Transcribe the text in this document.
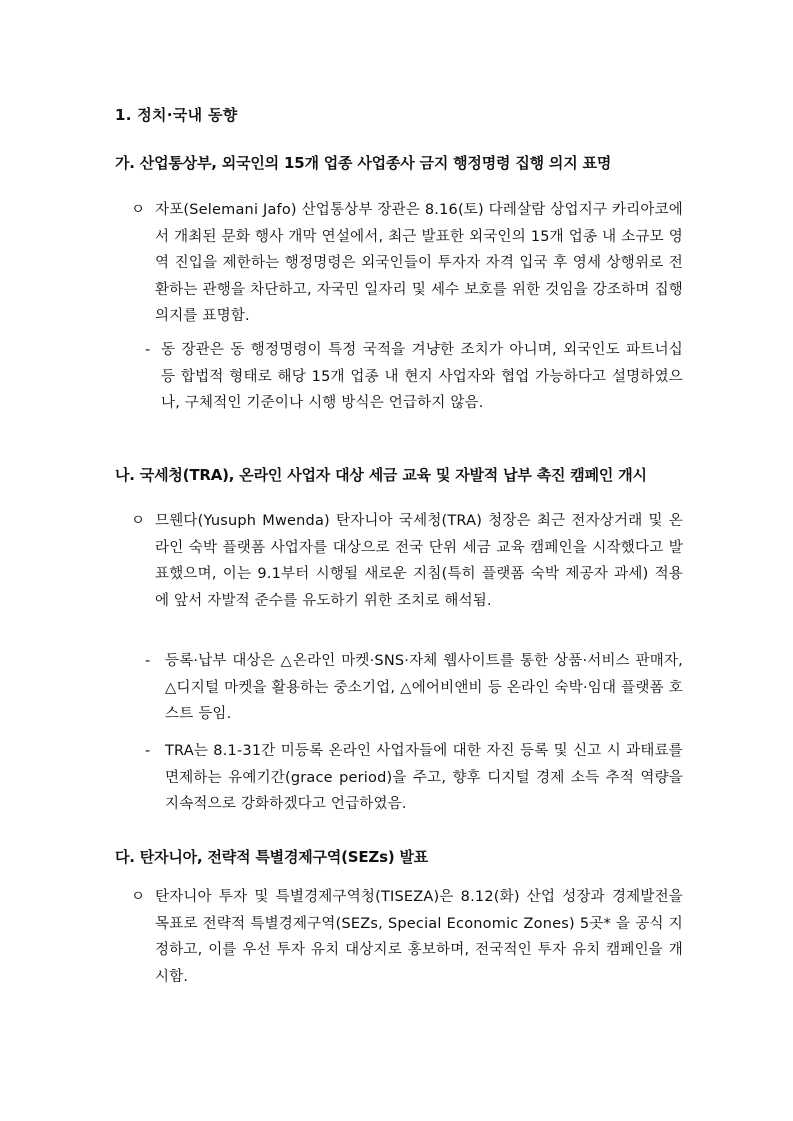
1. 정치·국내 동향
가. 산업통상부, 외국인의 15개 업종 사업종사 금지 행정명령 집행 의지 표명
ㅇ 자포(Selemani Jafo) 산업통상부 장관은 8.16(토) 다레살람 상업지구 카리아코에서 개최된 문화 행사 개막 연설에서, 최근 발표한 외국인의 15개 업종 내 소규모 영역 진입을 제한하는 행정명령은 외국인들이 투자자 자격 입국 후 영세 상행위로 전환하는 관행을 차단하고, 자국민 일자리 및 세수 보호를 위한 것임을 강조하며 집행 의지를 표명함.
- 동 장관은 동 행정명령이 특정 국적을 겨냥한 조치가 아니며, 외국인도 파트너십 등 합법적 형태로 해당 15개 업종 내 현지 사업자와 협업 가능하다고 설명하였으나, 구체적인 기준이나 시행 방식은 언급하지 않음.
나. 국세청(TRA), 온라인 사업자 대상 세금 교육 및 자발적 납부 촉진 캠페인 개시
ㅇ 므웬다(Yusuph Mwenda) 탄자니아 국세청(TRA) 청장은 최근 전자상거래 및 온라인 숙박 플랫폼 사업자를 대상으로 전국 단위 세금 교육 캠페인을 시작했다고 발표했으며, 이는 9.1부터 시행될 새로운 지침(특히 플랫폼 숙박 제공자 과세) 적용에 앞서 자발적 준수를 유도하기 위한 조치로 해석됨.
-	등록·납부 대상은 △온라인 마켓·SNS·자체 웹사이트를 통한 상품·서비스 판매자, △디지털 마켓을 활용하는 중소기업, △에어비앤비 등 온라인 숙박·임대 플랫폼 호스트 등임.
-	TRA는 8.1-31간 미등록 온라인 사업자들에 대한 자진 등록 및 신고 시 과태료를 면제하는 유예기간(grace period)을 주고, 향후 디지털 경제 소득 추적 역량을 지속적으로 강화하겠다고 언급하였음.
다. 탄자니아, 전략적 특별경제구역(SEZs) 발표
ㅇ 탄자니아 투자 및 특별경제구역청(TISEZA)은 8.12(화) 산업 성장과 경제발전을 목표로 전략적 특별경제구역(SEZs, Special Economic Zones) 5곳* 을 공식 지정하고, 이를 우선 투자 유치 대상지로 홍보하며, 전국적인 투자 유치 캠페인을 개시함.
